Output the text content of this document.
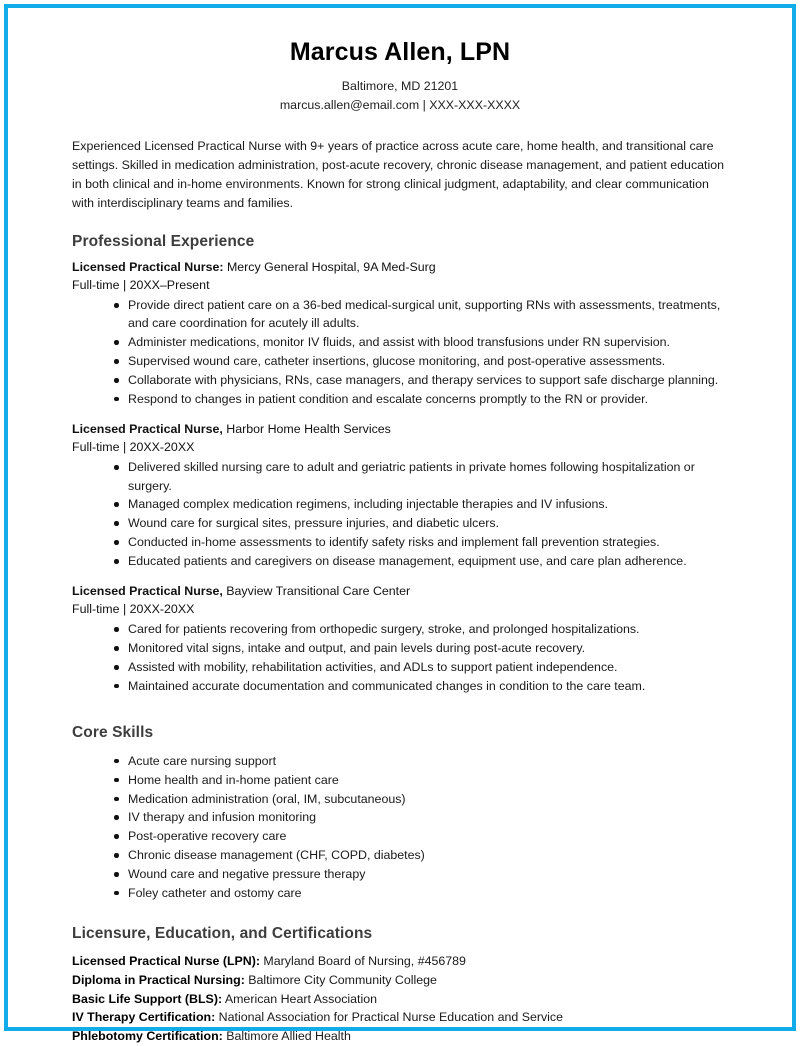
Marcus Allen, LPN
Baltimore, MD 21201
marcus.allen@email.com | XXX-XXX-XXXX

Experienced Licensed Practical Nurse with 9+ years of practice across acute care, home health, and transitional care settings. Skilled in medication administration, post-acute recovery, chronic disease management, and patient education in both clinical and in-home environments. Known for strong clinical judgment, adaptability, and clear communication with interdisciplinary teams and families.

Professional Experience
Licensed Practical Nurse: Mercy General Hospital, 9A Med-Surg
Full-time | 20XX–Present
Provide direct patient care on a 36-bed medical-surgical unit, supporting RNs with assessments, treatments, and care coordination for acutely ill adults.
Administer medications, monitor IV fluids, and assist with blood transfusions under RN supervision.
Supervised wound care, catheter insertions, glucose monitoring, and post-operative assessments.
Collaborate with physicians, RNs, case managers, and therapy services to support safe discharge planning.
Respond to changes in patient condition and escalate concerns promptly to the RN or provider.
Licensed Practical Nurse, Harbor Home Health Services
Full-time | 20XX-20XX
Delivered skilled nursing care to adult and geriatric patients in private homes following hospitalization or surgery.
Managed complex medication regimens, including injectable therapies and IV infusions.
Wound care for surgical sites, pressure injuries, and diabetic ulcers.
Conducted in-home assessments to identify safety risks and implement fall prevention strategies.
Educated patients and caregivers on disease management, equipment use, and care plan adherence.
Licensed Practical Nurse, Bayview Transitional Care Center
Full-time | 20XX-20XX
Cared for patients recovering from orthopedic surgery, stroke, and prolonged hospitalizations.
Monitored vital signs, intake and output, and pain levels during post-acute recovery.
Assisted with mobility, rehabilitation activities, and ADLs to support patient independence.
Maintained accurate documentation and communicated changes in condition to the care team.
Core Skills
Acute care nursing support
Home health and in-home patient care
Medication administration (oral, IM, subcutaneous)
IV therapy and infusion monitoring
Post-operative recovery care
Chronic disease management (CHF, COPD, diabetes)
Wound care and negative pressure therapy
Foley catheter and ostomy care
Licensure, Education, and Certifications
Licensed Practical Nurse (LPN): Maryland Board of Nursing, #456789
Diploma in Practical Nursing: Baltimore City Community College
Basic Life Support (BLS): American Heart Association
IV Therapy Certification: National Association for Practical Nurse Education and Service
Phlebotomy Certification: Baltimore Allied Health
